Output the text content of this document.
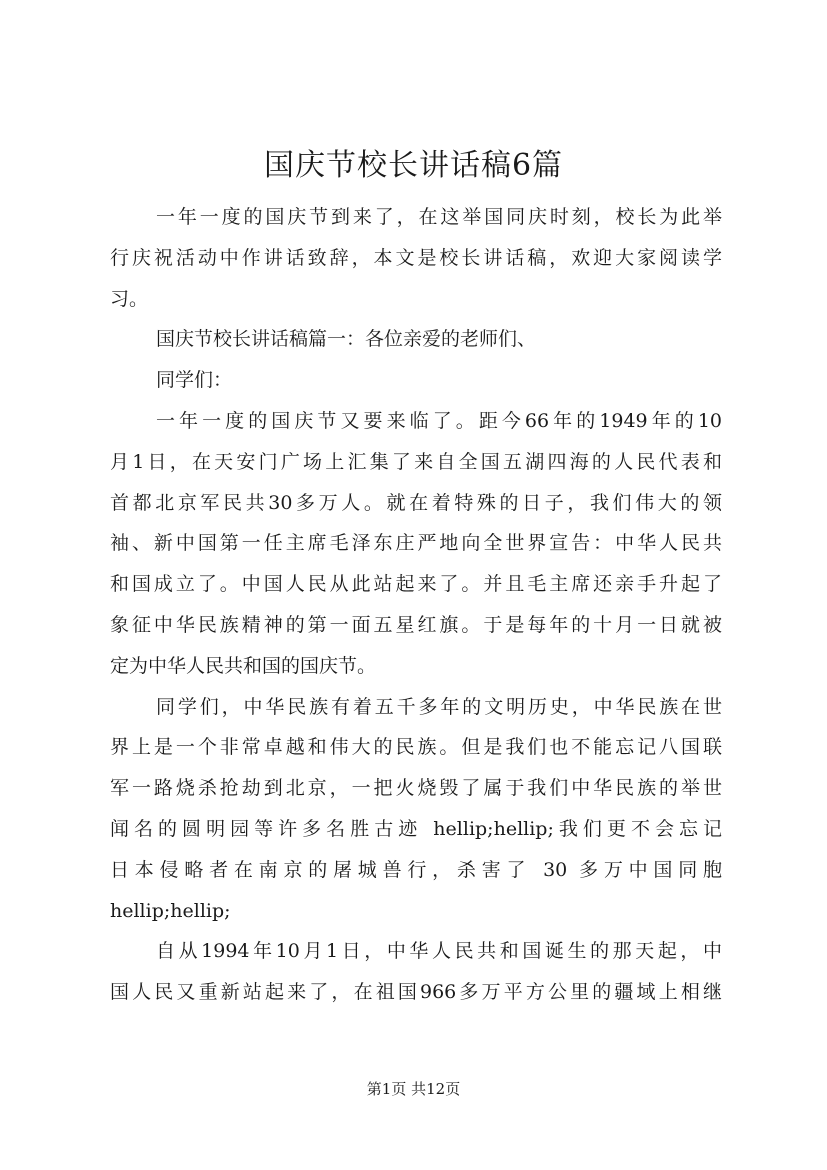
国庆节校长讲话稿6篇
一年一度的国庆节到来了，在这举国同庆时刻，校长为此举
行庆祝活动中作讲话致辞，本文是校长讲话稿，欢迎大家阅读学
习。
国庆节校长讲话稿篇一：各位亲爱的老师们、
同学们：
一年一度的国庆节又要来临了。距今66年的1949年的10
月1日，在天安门广场上汇集了来自全国五湖四海的人民代表和
首都北京军民共30多万人。就在着特殊的日子，我们伟大的领
袖、新中国第一任主席毛泽东庄严地向全世界宣告：中华人民共
和国成立了。中国人民从此站起来了。并且毛主席还亲手升起了
象征中华民族精神的第一面五星红旗。于是每年的十月一日就被
定为中华人民共和国的国庆节。
同学们，中华民族有着五千多年的文明历史，中华民族在世
界上是一个非常卓越和伟大的民族。但是我们也不能忘记八国联
军一路烧杀抢劫到北京，一把火烧毁了属于我们中华民族的举世
闻名的圆明园等许多名胜古迹 hellip;hellip;我们更不会忘记
日本侵略者在南京的屠城兽行，杀害了 30 多万中国同胞
hellip;hellip;
自从1994年10月1日，中华人民共和国诞生的那天起，中
国人民又重新站起来了，在祖国966多万平方公里的疆域上相继
第1页 共12页
